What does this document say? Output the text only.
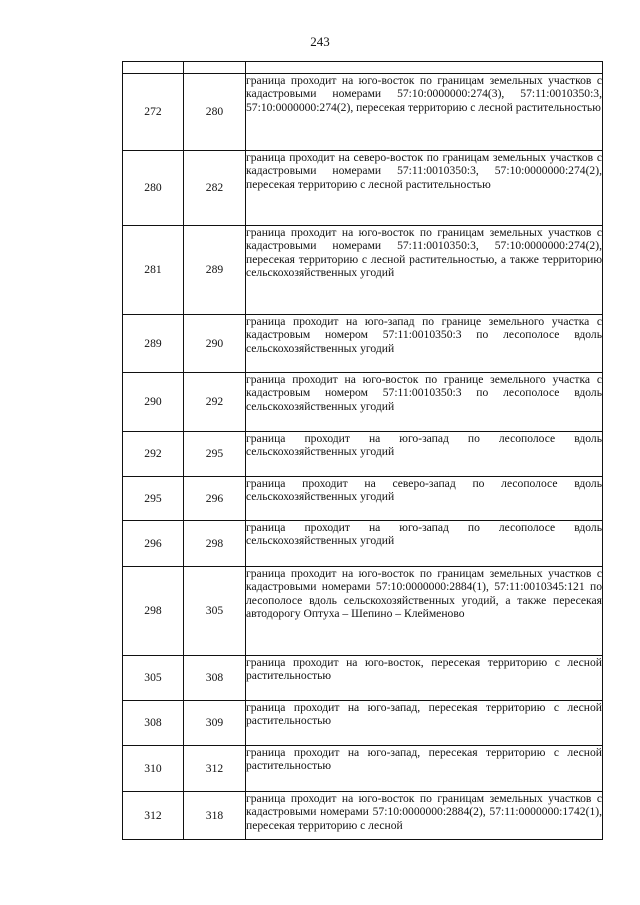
243

272	280	граница проходит на юго-восток по границам земельных участков с кадастровыми номерами 57:10:0000000:274(3), 57:11:0010350:3, 57:10:0000000:274(2), пересекая территорию с лесной растительностью
280	282	граница проходит на северо-восток по границам земельных участков с кадастровыми номерами 57:11:0010350:3, 57:10:0000000:274(2), пересекая территорию с лесной растительностью
281	289	граница проходит на юго-восток по границам земельных участков с кадастровыми номерами 57:11:0010350:3, 57:10:0000000:274(2), пересекая территорию с лесной растительностью, а также территорию сельскохозяйственных угодий
289	290	граница проходит на юго-запад по границе земельного участка с кадастровым номером 57:11:0010350:3 по лесополосе вдоль сельскохозяйственных угодий
290	292	граница проходит на юго-восток по границе земельного участка с кадастровым номером 57:11:0010350:3 по лесополосе вдоль сельскохозяйственных угодий
292	295	граница проходит на юго-запад по лесополосе вдоль сельскохозяйственных угодий
295	296	граница проходит на северо-запад по лесополосе вдоль сельскохозяйственных угодий
296	298	граница проходит на юго-запад по лесополосе вдоль сельскохозяйственных угодий
298	305	граница проходит на юго-восток по границам земельных участков с кадастровыми номерами 57:10:0000000:2884(1), 57:11:0010345:121 по лесополосе вдоль сельскохозяйственных угодий, а также пересекая автодорогу Оптуха – Шепино – Клейменово
305	308	граница проходит на юго-восток, пересекая территорию с лесной растительностью
308	309	граница проходит на юго-запад, пересекая территорию с лесной растительностью
310	312	граница проходит на юго-запад, пересекая территорию с лесной растительностью
312	318	граница проходит на юго-восток по границам земельных участков с кадастровыми номерами 57:10:0000000:2884(2), 57:11:0000000:1742(1), пересекая территорию с лесной
